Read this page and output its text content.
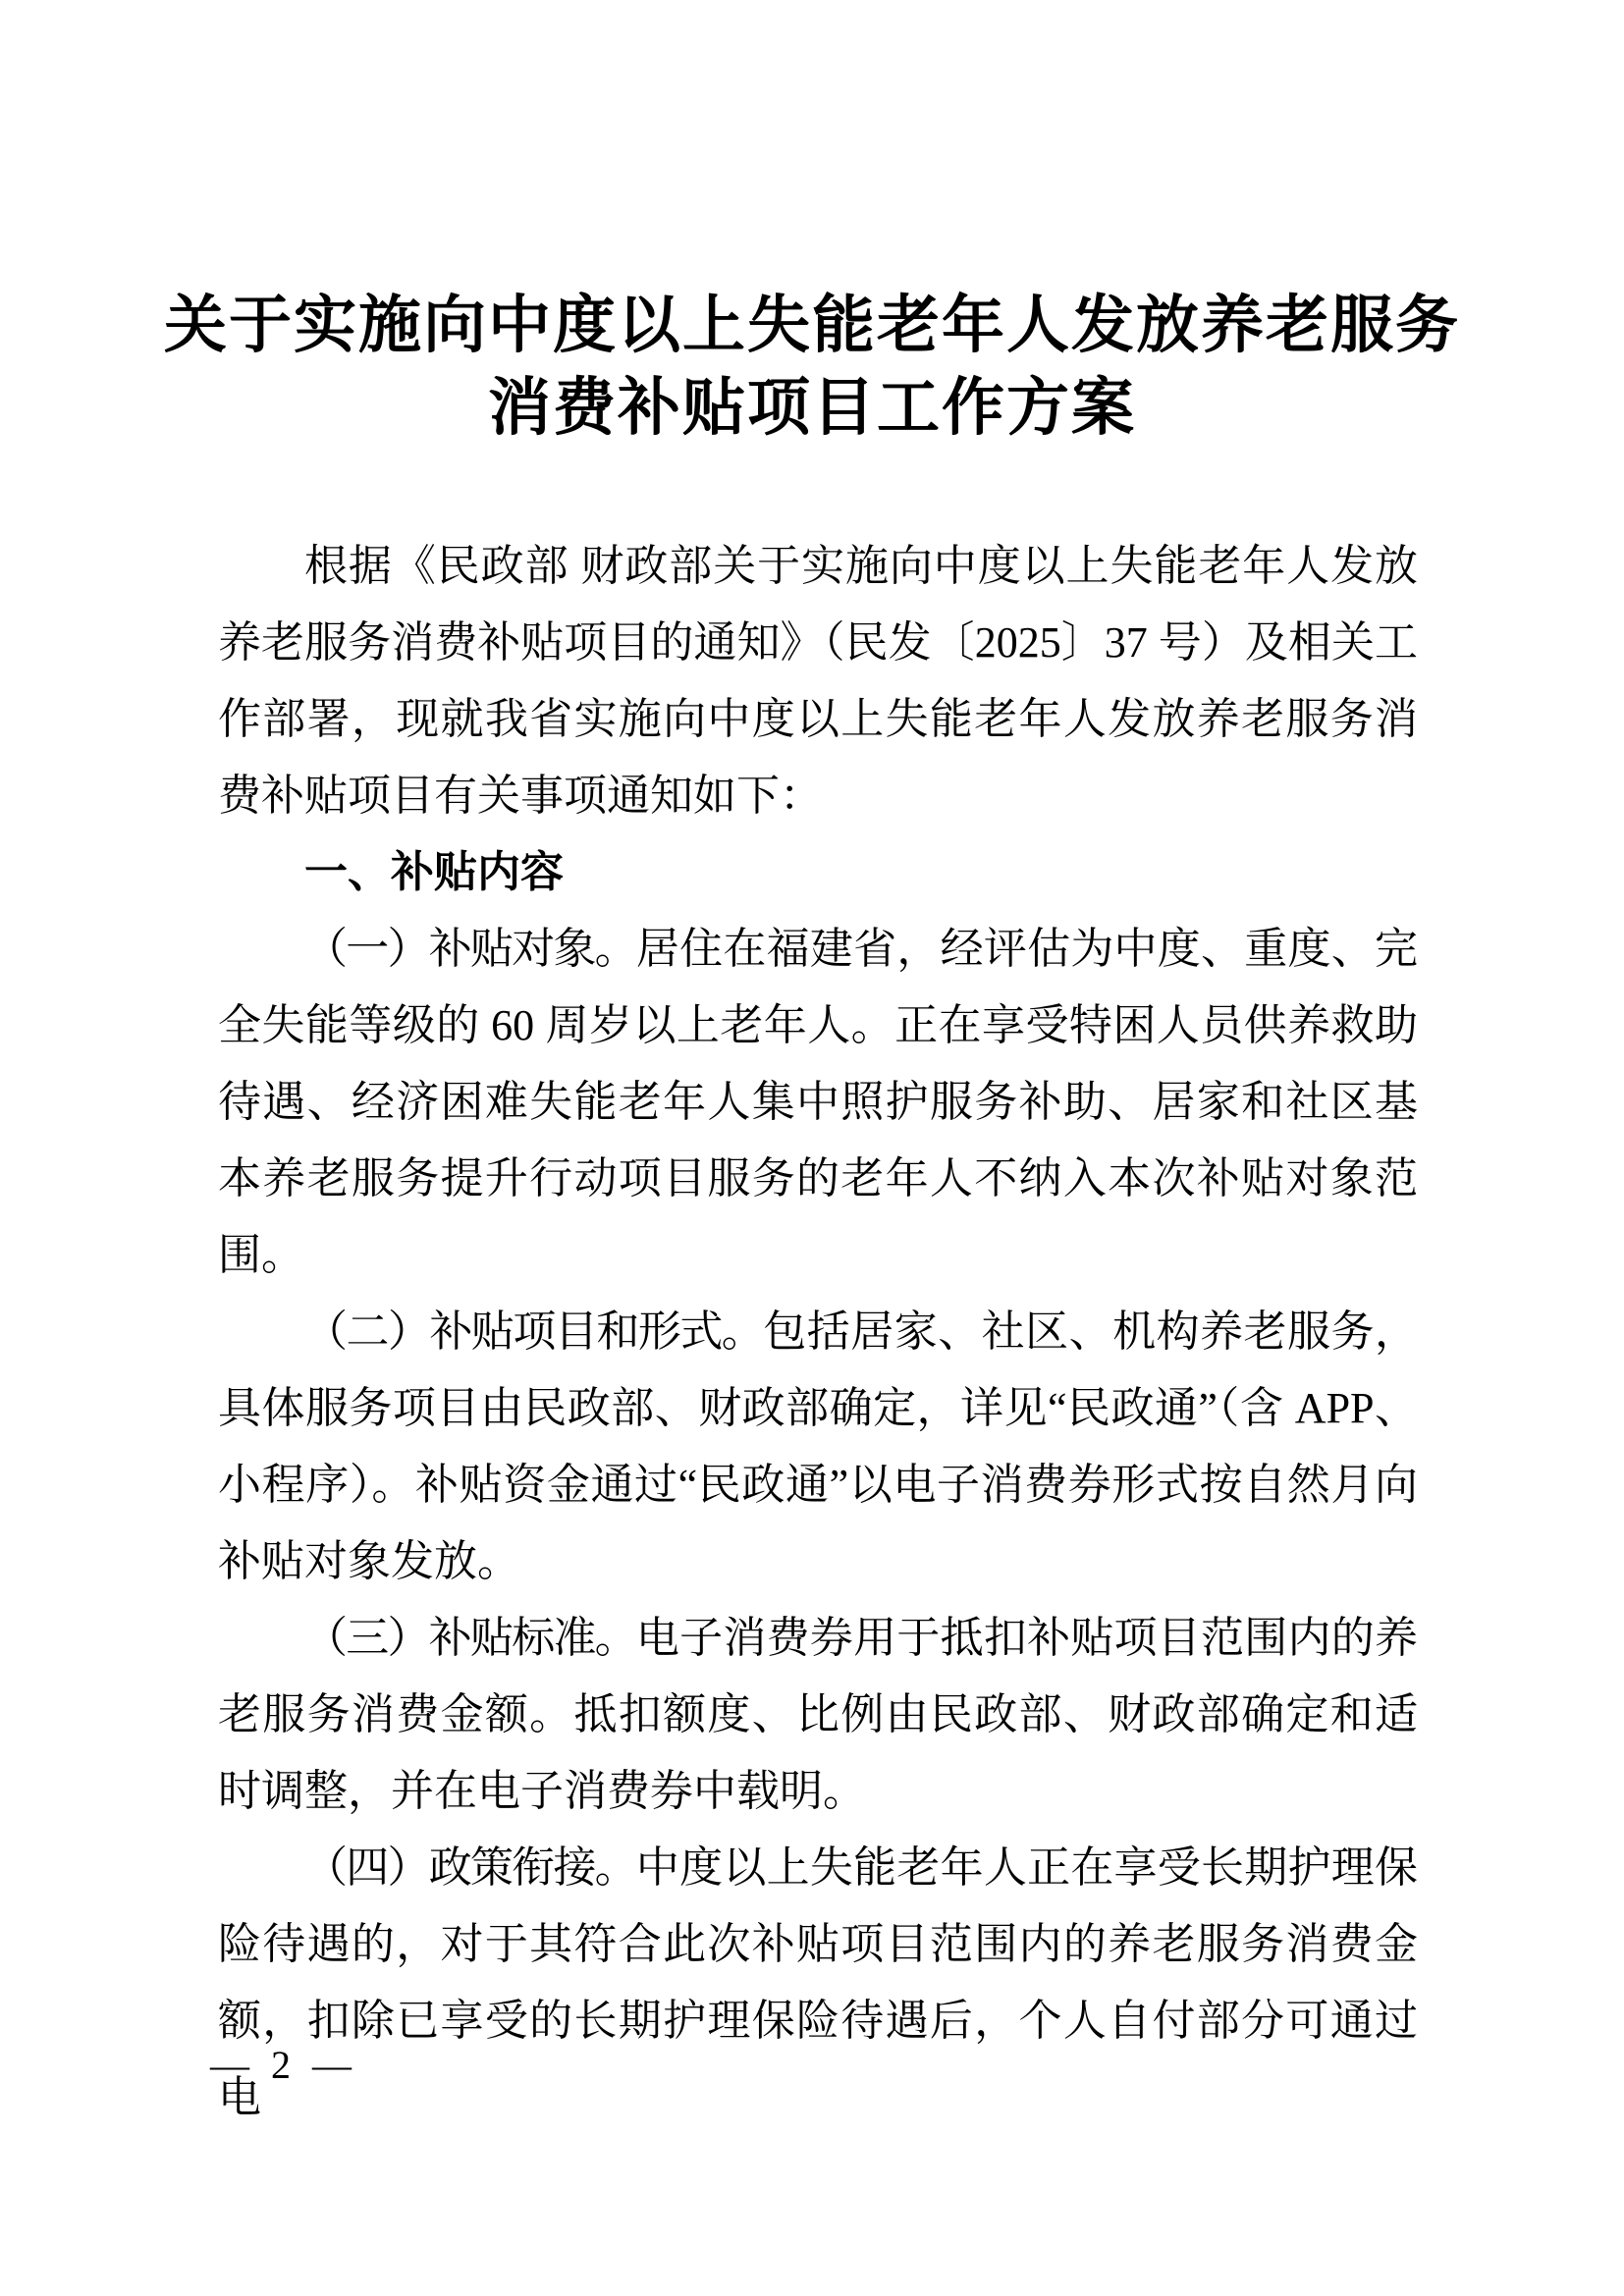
关于实施向中度以上失能老年人发放养老服务
消费补贴项目工作方案

根据《民政部 财政部关于实施向中度以上失能老年人发放养老服务消费补贴项目的通知》（民发〔2025〕37 号）及相关工作部署，现就我省实施向中度以上失能老年人发放养老服务消费补贴项目有关事项通知如下：

一、补贴内容

（一）补贴对象。居住在福建省，经评估为中度、重度、完全失能等级的 60 周岁以上老年人。正在享受特困人员供养救助待遇、经济困难失能老年人集中照护服务补助、居家和社区基本养老服务提升行动项目服务的老年人不纳入本次补贴对象范围。

（二）补贴项目和形式。包括居家、社区、机构养老服务，具体服务项目由民政部、财政部确定，详见“民政通”（含 APP、小程序）。补贴资金通过“民政通”以电子消费券形式按自然月向补贴对象发放。

（三）补贴标准。电子消费券用于抵扣补贴项目范围内的养老服务消费金额。抵扣额度、比例由民政部、财政部确定和适时调整，并在电子消费券中载明。

（四）政策衔接。中度以上失能老年人正在享受长期护理保险待遇的，对于其符合此次补贴项目范围内的养老服务消费金额，扣除已享受的长期护理保险待遇后，个人自付部分可通过电

— 2 —
